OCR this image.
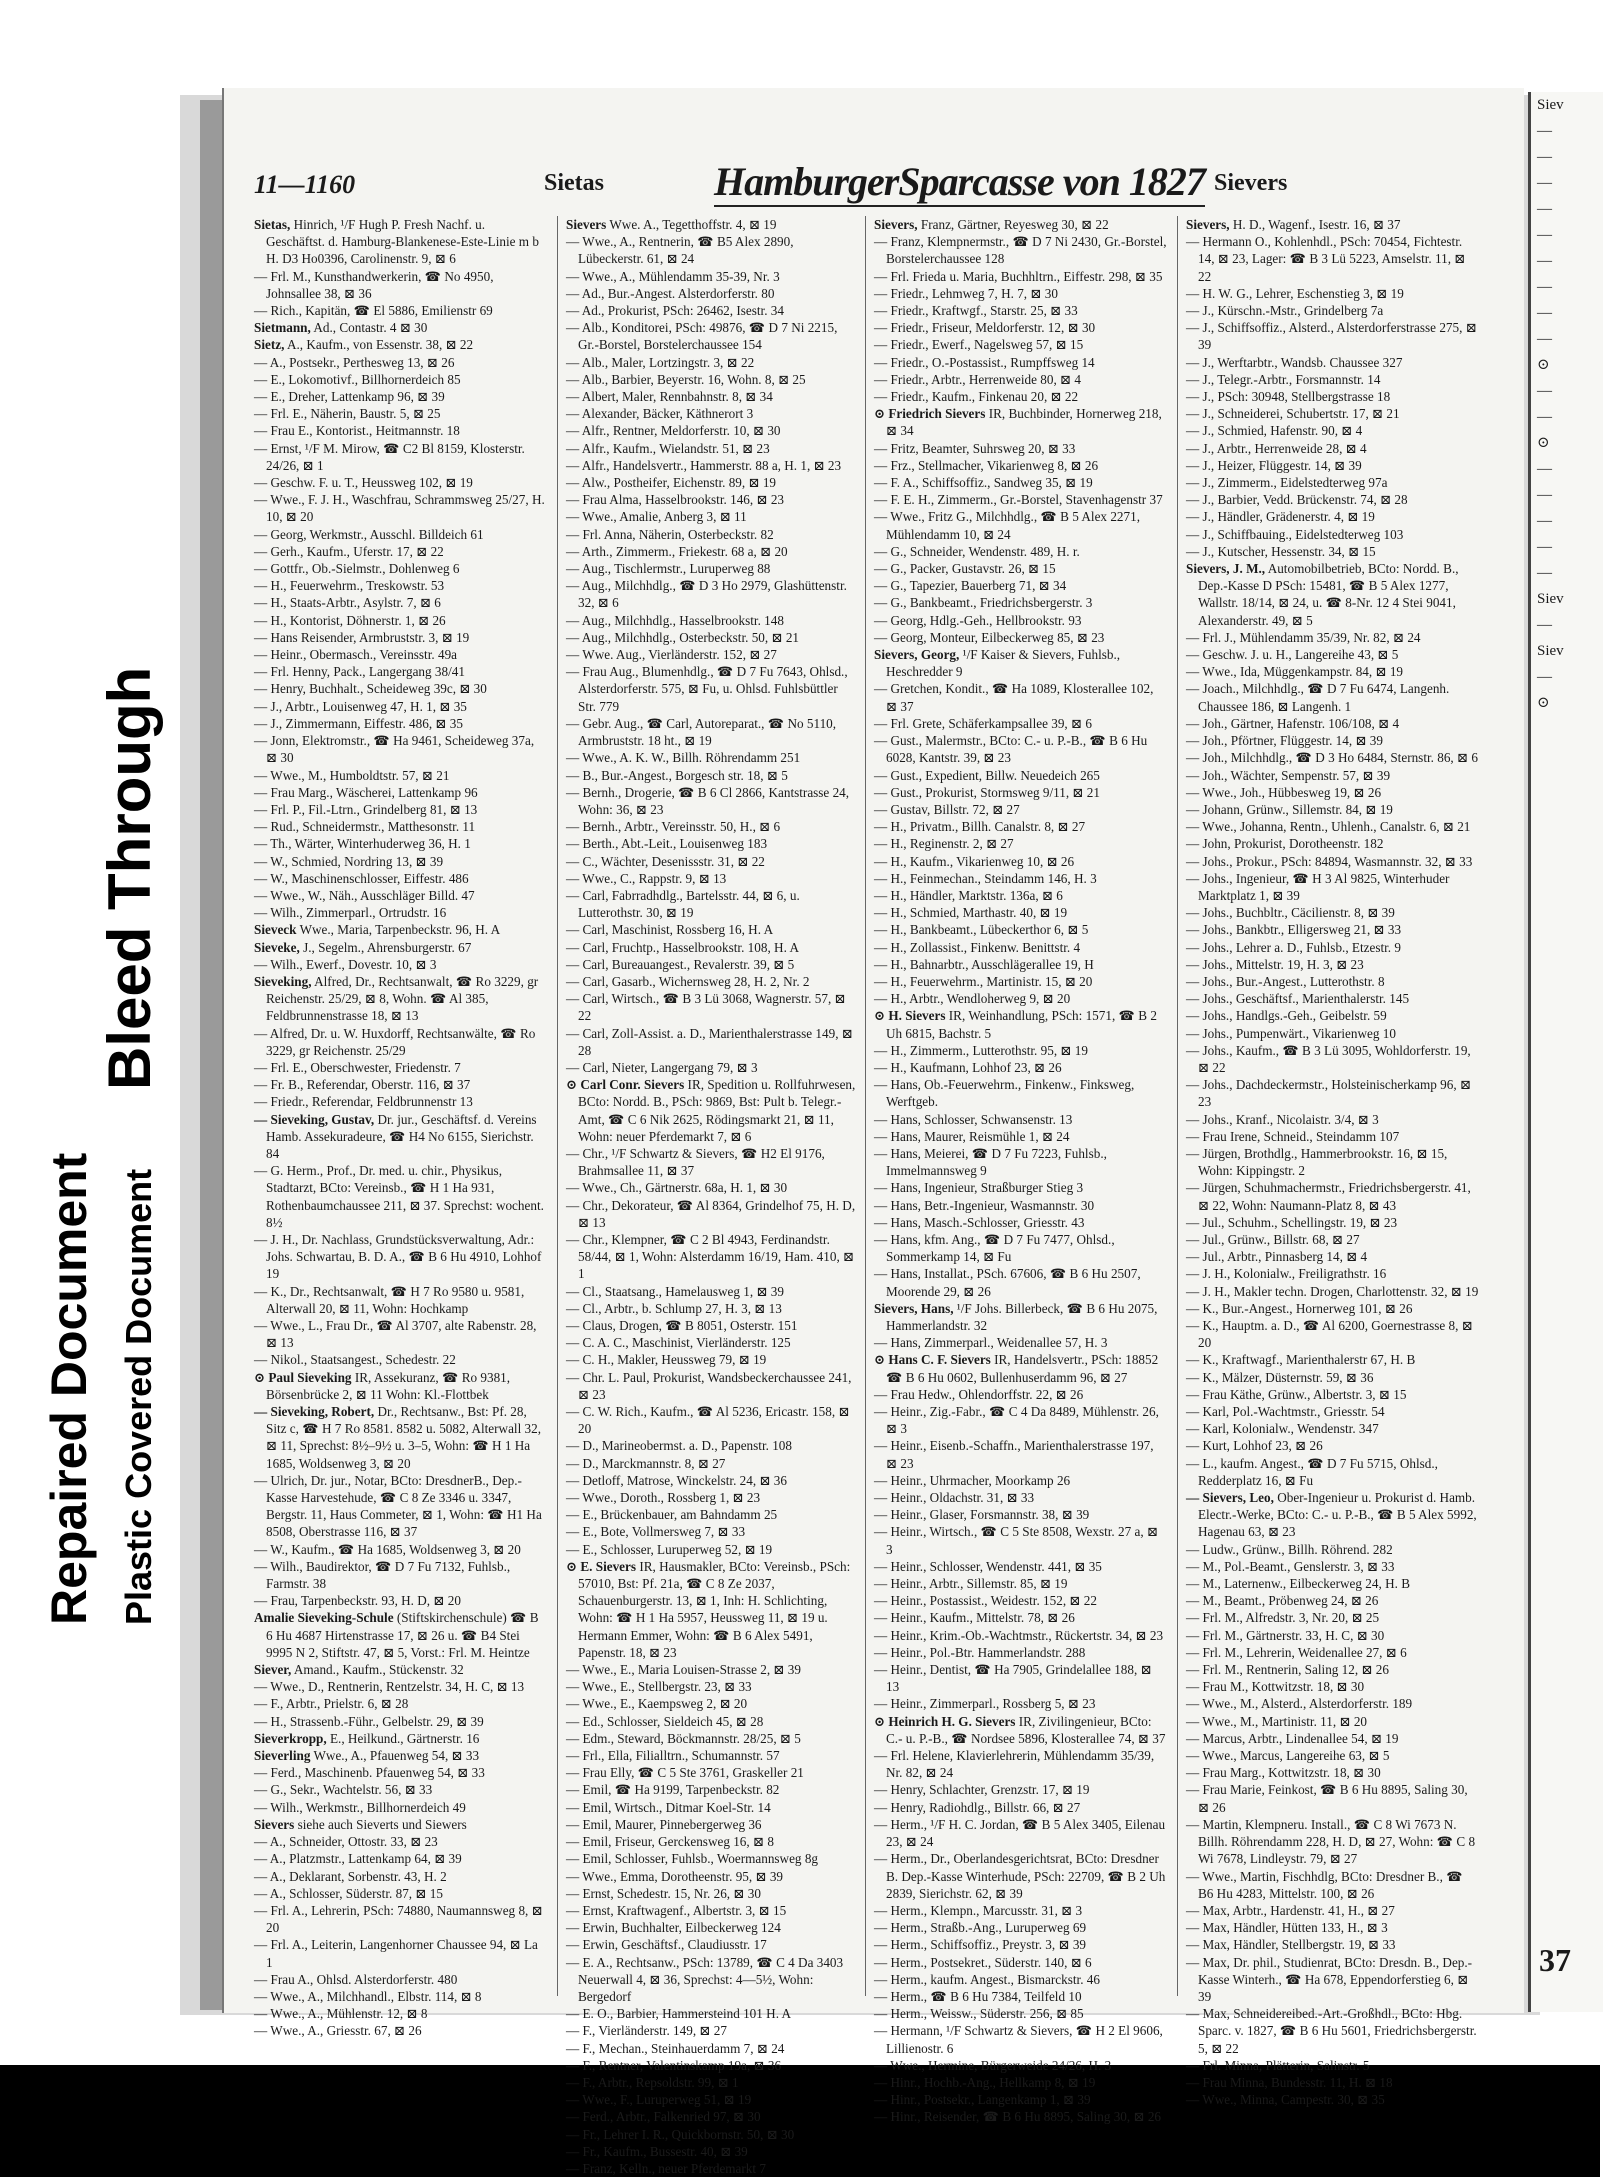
Repaired Document Plastic Covered Document
Bleed Through
11—1160	Sietas	HamburgerSparcasse von 1827 Sievers

Sietas, Hinrich, ¹/F Hugh P. Fresh Nachf. u. Geschäftst. d. Hamburg-Blankenese-Este-Linie m b H. D3 Ho0396, Carolinenstr. 9, ⊠ 6

— Frl. M., Kunsthandwerkerin, ☎ No 4950, Johnsallee 38, ⊠ 36

— Rich., Kapitän, ☎ El 5886, Emilienstr 69

Sietmann, Ad., Contastr. 4 ⊠ 30

Sietz, A., Kaufm., von Essenstr. 38, ⊠ 22

— A., Postsekr., Perthesweg 13, ⊠ 26

— E., Lokomotivf., Billhornerdeich 85

— E., Dreher, Lattenkamp 96, ⊠ 39

— Frl. E., Näherin, Baustr. 5, ⊠ 25

— Frau E., Kontorist., Heitmannstr. 18

— Ernst, ¹/F M. Mirow, ☎ C2 Bl 8159, Klosterstr. 24/26, ⊠ 1

— Geschw. F. u. T., Heussweg 102, ⊠ 19

— Wwe., F. J. H., Waschfrau, Schrammsweg 25/27, H. 10, ⊠ 20

— Georg, Werkmstr., Ausschl. Billdeich 61

— Gerh., Kaufm., Uferstr. 17, ⊠ 22

— Gottfr., Ob.-Sielmstr., Dohlenweg 6

— H., Feuerwehrm., Treskowstr. 53

— H., Staats-Arbtr., Asylstr. 7, ⊠ 6

— H., Kontorist, Döhnerstr. 1, ⊠ 26

— Hans Reisender, Armbruststr. 3, ⊠ 19

— Heinr., Obermasch., Vereinsstr. 49a

— Frl. Henny, Pack., Langergang 38/41

— Henry, Buchhalt., Scheideweg 39c, ⊠ 30

— J., Arbtr., Louisenweg 47, H. 1, ⊠ 35

— J., Zimmermann, Eiffestr. 486, ⊠ 35

— Jonn, Elektromstr., ☎ Ha 9461, Scheideweg 37a, ⊠ 30

— Wwe., M., Humboldtstr. 57, ⊠ 21

— Frau Marg., Wäscherei, Lattenkamp 96

— Frl. P., Fil.-Ltrn., Grindelberg 81, ⊠ 13

— Rud., Schneidermstr., Matthesonstr. 11

— Th., Wärter, Winterhuderweg 36, H. 1

— W., Schmied, Nordring 13, ⊠ 39

— W., Maschinenschlosser, Eiffestr. 486

— Wwe., W., Näh., Ausschläger Billd. 47

— Wilh., Zimmerparl., Ortrudstr. 16

Sieveck Wwe., Maria, Tarpenbeckstr. 96, H. A

Sieveke, J., Segelm., Ahrensburgerstr. 67

— Wilh., Ewerf., Dovestr. 10, ⊠ 3

Sieveking, Alfred, Dr., Rechtsanwalt, ☎ Ro 3229, gr Reichenstr. 25/29, ⊠ 8, Wohn. ☎ Al 385, Feldbrunnenstrasse 18, ⊠ 13

— Alfred, Dr. u. W. Huxdorff, Rechtsanwälte, ☎ Ro 3229, gr Reichenstr. 25/29

— Frl. E., Oberschwester, Friedenstr. 7

— Fr. B., Referendar, Oberstr. 116, ⊠ 37

— Friedr., Referendar, Feldbrunnenstr 13

— Sieveking, Gustav, Dr. jur., Geschäftsf. d. Vereins Hamb. Assekuradeure, ☎ H4 No 6155, Sierichstr. 84

— G. Herm., Prof., Dr. med. u. chir., Physikus, Stadtarzt, BCto: Vereinsb., ☎ H 1 Ha 931, Rothenbaumchaussee 211, ⊠ 37. Sprechst: wochent. 8½

— J. H., Dr. Nachlass, Grundstücksverwaltung, Adr.: Johs. Schwartau, B. D. A., ☎ B 6 Hu 4910, Lohhof 19

— K., Dr., Rechtsanwalt, ☎ H 7 Ro 9580 u. 9581, Alterwall 20, ⊠ 11, Wohn: Hochkamp

— Wwe., L., Frau Dr., ☎ Al 3707, alte Rabenstr. 28, ⊠ 13

— Nikol., Staatsangest., Schedestr. 22

⊙ Paul Sieveking IR, Assekuranz, ☎ Ro 9381, Börsenbrücke 2, ⊠ 11 Wohn: Kl.-Flottbek

— Sieveking, Robert, Dr., Rechtsanw., Bst: Pf. 28, Sitz c, ☎ H 7 Ro 8581. 8582 u. 5082, Alterwall 32, ⊠ 11, Sprechst: 8½–9½ u. 3–5, Wohn: ☎ H 1 Ha 1685, Woldsenweg 3, ⊠ 20

— Ulrich, Dr. jur., Notar, BCto: DresdnerB., Dep.-Kasse Harvestehude, ☎ C 8 Ze 3346 u. 3347, Bergstr. 11, Haus Commeter, ⊠ 1, Wohn: ☎ H1 Ha 8508, Oberstrasse 116, ⊠ 37

— W., Kaufm., ☎ Ha 1685, Woldsenweg 3, ⊠ 20

— Wilh., Baudirektor, ☎ D 7 Fu 7132, Fuhlsb., Farmstr. 38

— Frau, Tarpenbeckstr. 93, H. D, ⊠ 20

Amalie Sieveking-Schule (Stiftskirchenschule) ☎ B 6 Hu 4687 Hirtenstrasse 17, ⊠ 26 u. ☎ B4 Stei 9995 N 2, Stiftstr. 47, ⊠ 5, Vorst.: Frl. M. Heintze

Siever, Amand., Kaufm., Stückenstr. 32

— Wwe., D., Rentnerin, Rentzelstr. 34, H. C, ⊠ 13

— F., Arbtr., Prielstr. 6, ⊠ 28

— H., Strassenb.-Führ., Gelbelstr. 29, ⊠ 39

Sieverkropp, E., Heilkund., Gärtnerstr. 16

Sieverling Wwe., A., Pfauenweg 54, ⊠ 33

— Ferd., Maschinenb. Pfauenweg 54, ⊠ 33

— G., Sekr., Wachtelstr. 56, ⊠ 33

— Wilh., Werkmstr., Billhornerdeich 49

Sievers siehe auch Sieverts und Siewers

— A., Schneider, Ottostr. 33, ⊠ 23

— A., Platzmstr., Lattenkamp 64, ⊠ 39

— A., Deklarant, Sorbenstr. 43, H. 2

— A., Schlosser, Süderstr. 87, ⊠ 15

— Frl. A., Lehrerin, PSch: 74880, Naumannsweg 8, ⊠ 20

— Frl. A., Leiterin, Langenhorner Chaussee 94, ⊠ La 1

— Frau A., Ohlsd. Alsterdorferstr. 480

— Wwe., A., Milchhandl., Elbstr. 114, ⊠ 8

— Wwe., A., Mühlenstr. 12, ⊠ 8

— Wwe., A., Griesstr. 67, ⊠ 26

Sievers Wwe. A., Tegetthoffstr. 4, ⊠ 19

— Wwe., A., Rentnerin, ☎ B5 Alex 2890, Lübeckerstr. 61, ⊠ 24

— Wwe., A., Mühlendamm 35-39, Nr. 3

— Ad., Bur.-Angest. Alsterdorferstr. 80

— Ad., Prokurist, PSch: 26462, Isestr. 34

— Alb., Konditorei, PSch: 49876, ☎ D 7 Ni 2215, Gr.-Borstel, Borstelerchaussee 154

— Alb., Maler, Lortzingstr. 3, ⊠ 22

— Alb., Barbier, Beyerstr. 16, Wohn. 8, ⊠ 25

— Albert, Maler, Rennbahnstr. 8, ⊠ 34

— Alexander, Bäcker, Käthnerort 3

— Alfr., Rentner, Meldorferstr. 10, ⊠ 30

— Alfr., Kaufm., Wielandstr. 51, ⊠ 23

— Alfr., Handelsvertr., Hammerstr. 88 a, H. 1, ⊠ 23

— Alw., Postheifer, Eichenstr. 89, ⊠ 19

— Frau Alma, Hasselbrookstr. 146, ⊠ 23

— Wwe., Amalie, Anberg 3, ⊠ 11

— Frl. Anna, Näherin, Osterbeckstr. 82

— Arth., Zimmerm., Friekestr. 68 a, ⊠ 20

— Aug., Tischlermstr., Luruperweg 88

— Aug., Milchhdlg., ☎ D 3 Ho 2979, Glashüttenstr. 32, ⊠ 6

— Aug., Milchhdlg., Hasselbrookstr. 148

— Aug., Milchhdlg., Osterbeckstr. 50, ⊠ 21

— Wwe. Aug., Vierländerstr. 152, ⊠ 27

— Frau Aug., Blumenhdlg., ☎ D 7 Fu 7643, Ohlsd., Alsterdorferstr. 575, ⊠ Fu, u. Ohlsd. Fuhlsbüttler Str. 779

— Gebr. Aug., ☎ Carl, Autoreparat., ☎ No 5110, Armbruststr. 18 ht., ⊠ 19

— Wwe., A. K. W., Billh. Röhrendamm 251

— B., Bur.-Angest., Borgesch str. 18, ⊠ 5

— Bernh., Drogerie, ☎ B 6 Cl 2866, Kantstrasse 24, Wohn: 36, ⊠ 23

— Bernh., Arbtr., Vereinsstr. 50, H., ⊠ 6

— Berth., Abt.-Leit., Louisenweg 183

— C., Wächter, Desenissstr. 31, ⊠ 22

— Wwe., C., Rappstr. 9, ⊠ 13

— Carl, Fabrradhdlg., Bartelsstr. 44, ⊠ 6, u. Lutterothstr. 30, ⊠ 19

— Carl, Maschinist, Rossberg 16, H. A

— Carl, Fruchtp., Hasselbrookstr. 108, H. A

— Carl, Bureauangest., Revalerstr. 39, ⊠ 5

— Carl, Gasarb., Wichernsweg 28, H. 2, Nr. 2

— Carl, Wirtsch., ☎ B 3 Lü 3068, Wagnerstr. 57, ⊠ 22

— Carl, Zoll-Assist. a. D., Marienthalerstrasse 149, ⊠ 28

— Carl, Nieter, Langergang 79, ⊠ 3

⊙ Carl Conr. Sievers IR, Spedition u. Rollfuhrwesen, BCto: Nordd. B., PSch: 9869, Bst: Pult b. Telegr.-Amt, ☎ C 6 Nik 2625, Rödingsmarkt 21, ⊠ 11, Wohn: neuer Pferdemarkt 7, ⊠ 6

— Chr., ¹/F Schwartz & Sievers, ☎ H2 El 9176, Brahmsallee 11, ⊠ 37

— Wwe., Ch., Gärtnerstr. 68a, H. 1, ⊠ 30

— Chr., Dekorateur, ☎ Al 8364, Grindelhof 75, H. D, ⊠ 13

— Chr., Klempner, ☎ C 2 Bl 4943, Ferdinandstr. 58/44, ⊠ 1, Wohn: Alsterdamm 16/19, Ham. 410, ⊠ 1

— Cl., Staatsang., Hamelausweg 1, ⊠ 39

— Cl., Arbtr., b. Schlump 27, H. 3, ⊠ 13

— Claus, Drogen, ☎ B 8051, Osterstr. 151

— C. A. C., Maschinist, Vierländerstr. 125

— C. H., Makler, Heussweg 79, ⊠ 19

— Chr. L. Paul, Prokurist, Wandsbeckerchaussee 241, ⊠ 23

— C. W. Rich., Kaufm., ☎ Al 5236, Ericastr. 158, ⊠ 20

— D., Marineobermst. a. D., Papenstr. 108

— D., Marckmannstr. 8, ⊠ 27

— Detloff, Matrose, Winckelstr. 24, ⊠ 36

— Wwe., Doroth., Rossberg 1, ⊠ 23

— E., Brückenbauer, am Bahndamm 25

— E., Bote, Vollmersweg 7, ⊠ 33

— E., Schlosser, Luruperweg 52, ⊠ 19

⊙ E. Sievers IR, Hausmakler, BCto: Vereinsb., PSch: 57010, Bst: Pf. 21a, ☎ C 8 Ze 2037, Schauenburgerstr. 13, ⊠ 1, Inh: H. Schlichting, Wohn: ☎ H 1 Ha 5957, Heussweg 11, ⊠ 19 u. Hermann Emmer, Wohn: ☎ B 6 Alex 5491, Papenstr. 18, ⊠ 23

— Wwe., E., Maria Louisen-Strasse 2, ⊠ 39

— Wwe., E., Stellbergstr. 23, ⊠ 33

— Wwe., E., Kaempsweg 2, ⊠ 20

— Ed., Schlosser, Sieldeich 45, ⊠ 28

— Edm., Steward, Böckmannstr. 28/25, ⊠ 5

— Frl., Ella, Filialltrn., Schumannstr. 57

— Frau Elly, ☎ C 5 Ste 3761, Graskeller 21

— Emil, ☎ Ha 9199, Tarpenbeckstr. 82

— Emil, Wirtsch., Ditmar Koel-Str. 14

— Emil, Maurer, Pinnebergerweg 36

— Emil, Friseur, Gerckensweg 16, ⊠ 8

— Emil, Schlosser, Fuhlsb., Woermannsweg 8g

— Wwe., Emma, Dorotheenstr. 95, ⊠ 39

— Ernst, Schedestr. 15, Nr. 26, ⊠ 30

— Ernst, Kraftwagenf., Albertstr. 3, ⊠ 15

— Erwin, Buchhalter, Eilbeckerweg 124

— Erwin, Geschäftsf., Claudiusstr. 17

— E. A., Rechtsanw., PSch: 13789, ☎ C 4 Da 3403 Neuerwall 4, ⊠ 36, Sprechst: 4—5½, Wohn: Bergedorf

— E. O., Barbier, Hammersteind 101 H. A

— F., Vierländerstr. 149, ⊠ 27

— F., Mechan., Steinhauerdamm 7, ⊠ 24

— F., Rentner, Valentinskamp 19a, ⊠ 36

— F., Arbtr., Repsoldstr. 99, ⊠ 1

— Wwe., F., Luruperweg 51, ⊠ 19

— Ferd., Arbtr., Falkenried 97, ⊠ 30

— Fr., Lehrer I. R., Quickbornstr. 50, ⊠ 30

— Fr., Kaufm., Bussestr. 40, ⊠ 39

— Franz, Kelln., neuer Pferdemarkt 7

Sievers, Franz, Gärtner, Reyesweg 30, ⊠ 22

— Franz, Klempnermstr., ☎ D 7 Ni 2430, Gr.-Borstel, Borstelerchaussee 128

— Frl. Frieda u. Maria, Buchhltrn., Eiffestr. 298, ⊠ 35

— Friedr., Lehmweg 7, H. 7, ⊠ 30

— Friedr., Kraftwgf., Starstr. 25, ⊠ 33

— Friedr., Friseur, Meldorferstr. 12, ⊠ 30

— Friedr., Ewerf., Nagelsweg 57, ⊠ 15

— Friedr., O.-Postassist., Rumpffsweg 14

— Friedr., Arbtr., Herrenweide 80, ⊠ 4

— Friedr., Kaufm., Finkenau 20, ⊠ 22

⊙ Friedrich Sievers IR, Buchbinder, Hornerweg 218, ⊠ 34

— Fritz, Beamter, Suhrsweg 20, ⊠ 33

— Frz., Stellmacher, Vikarienweg 8, ⊠ 26

— F. A., Schiffsoffiz., Sandweg 35, ⊠ 19

— F. E. H., Zimmerm., Gr.-Borstel, Stavenhagenstr 37

— Wwe., Fritz G., Milchhdlg., ☎ B 5 Alex 2271, Mühlendamm 10, ⊠ 24

— G., Schneider, Wendenstr. 489, H. r.

— G., Packer, Gustavstr. 26, ⊠ 15

— G., Tapezier, Bauerberg 71, ⊠ 34

— G., Bankbeamt., Friedrichsbergerstr. 3

— Georg, Hdlg.-Geh., Hellbrookstr. 93

— Georg, Monteur, Eilbeckerweg 85, ⊠ 23

Sievers, Georg, ¹/F Kaiser & Sievers, Fuhlsb., Heschredder 9

— Gretchen, Kondit., ☎ Ha 1089, Klosterallee 102, ⊠ 37

— Frl. Grete, Schäferkampsallee 39, ⊠ 6

— Gust., Malermstr., BCto: C.- u. P.-B., ☎ B 6 Hu 6028, Kantstr. 39, ⊠ 23

— Gust., Expedient, Billw. Neuedeich 265

— Gust., Prokurist, Stormsweg 9/11, ⊠ 21

— Gustav, Billstr. 72, ⊠ 27

— H., Privatm., Billh. Canalstr. 8, ⊠ 27

— H., Reginenstr. 2, ⊠ 27

— H., Kaufm., Vikarienweg 10, ⊠ 26

— H., Feinmechan., Steindamm 146, H. 3

— H., Händler, Marktstr. 136a, ⊠ 6

— H., Schmied, Marthastr. 40, ⊠ 19

— H., Bankbeamt., Lübeckerthor 6, ⊠ 5

— H., Zollassist., Finkenw. Benittstr. 4

— H., Bahnarbtr., Ausschlägerallee 19, H

— H., Feuerwehrm., Martinistr. 15, ⊠ 20

— H., Arbtr., Wendloherweg 9, ⊠ 20

⊙ H. Sievers IR, Weinhandlung, PSch: 1571, ☎ B 2 Uh 6815, Bachstr. 5

— H., Zimmerm., Lutterothstr. 95, ⊠ 19

— H., Kaufmann, Lohhof 23, ⊠ 26

— Hans, Ob.-Feuerwehrm., Finkenw., Finksweg, Werftgeb.

— Hans, Schlosser, Schwansenstr. 13

— Hans, Maurer, Reismühle 1, ⊠ 24

— Hans, Meierei, ☎ D 7 Fu 7223, Fuhlsb., Immelmannsweg 9

— Hans, Ingenieur, Straßburger Stieg 3

— Hans, Betr.-Ingenieur, Wasmannstr. 30

— Hans, Masch.-Schlosser, Griesstr. 43

— Hans, kfm. Ang., ☎ D 7 Fu 7477, Ohlsd., Sommerkamp 14, ⊠ Fu

— Hans, Installat., PSch. 67606, ☎ B 6 Hu 2507, Moorende 29, ⊠ 26

Sievers, Hans, ¹/F Johs. Billerbeck, ☎ B 6 Hu 2075, Hammerlandstr. 32

— Hans, Zimmerparl., Weidenallee 57, H. 3

⊙ Hans C. F. Sievers IR, Handelsvertr., PSch: 18852 ☎ B 6 Hu 0602, Bullenhuserdamm 96, ⊠ 27

— Frau Hedw., Ohlendorffstr. 22, ⊠ 26

— Heinr., Zig.-Fabr., ☎ C 4 Da 8489, Mühlenstr. 26, ⊠ 3

— Heinr., Eisenb.-Schaffn., Marienthalerstrasse 197, ⊠ 23

— Heinr., Uhrmacher, Moorkamp 26

— Heinr., Oldachstr. 31, ⊠ 33

— Heinr., Glaser, Forsmannstr. 38, ⊠ 39

— Heinr., Wirtsch., ☎ C 5 Ste 8508, Wexstr. 27 a, ⊠ 3

— Heinr., Schlosser, Wendenstr. 441, ⊠ 35

— Heinr., Arbtr., Sillemstr. 85, ⊠ 19

— Heinr., Postassist., Weidestr. 152, ⊠ 22

— Heinr., Kaufm., Mittelstr. 78, ⊠ 26

— Heinr., Krim.-Ob.-Wachtmstr., Rückertstr. 34, ⊠ 23

— Heinr., Pol.-Btr. Hammerlandstr. 288

— Heinr., Dentist, ☎ Ha 7905, Grindelallee 188, ⊠ 13

— Heinr., Zimmerparl., Rossberg 5, ⊠ 23

⊙ Heinrich H. G. Sievers IR, Zivilingenieur, BCto: C.- u. P.-B., ☎ Nordsee 5896, Klosterallee 74, ⊠ 37

— Frl. Helene, Klavierlehrerin, Mühlendamm 35/39, Nr. 82, ⊠ 24

— Henry, Schlachter, Grenzstr. 17, ⊠ 19

— Henry, Radiohdlg., Billstr. 66, ⊠ 27

— Herm., ¹/F H. C. Jordan, ☎ B 5 Alex 3405, Eilenau 23, ⊠ 24

— Herm., Dr., Oberlandesgerichtsrat, BCto: Dresdner B. Dep.-Kasse Winterhude, PSch: 22709, ☎ B 2 Uh 2839, Sierichstr. 62, ⊠ 39

— Herm., Klempn., Marcusstr. 31, ⊠ 3

— Herm., Straßb.-Ang., Luruperweg 69

— Herm., Schiffsoffiz., Preystr. 3, ⊠ 39

— Herm., Postsekret., Süderstr. 140, ⊠ 6

— Herm., kaufm. Angest., Bismarckstr. 46

— Herm., ☎ B 6 Hu 7384, Teilfeld 10

— Herm., Weissw., Süderstr. 256, ⊠ 85

— Hermann, ¹/F Schwartz & Sievers, ☎ H 2 El 9606, Lillienostr. 6

— Wwe., Hermine, Bürgerweide 24/26, H. 3

— Hinr., Hochb.-Ang., Hellkamp 8, ⊠ 19

— Hinr., Postsekr., Langenkamp 1, ⊠ 39

— Hinr., Reisender, ☎ B 6 Hu 8895, Saling 30, ⊠ 26

Sievers, H. D., Wagenf., Isestr. 16, ⊠ 37

— Hermann O., Kohlenhdl., PSch: 70454, Fichtestr. 14, ⊠ 23, Lager: ☎ B 3 Lü 5223, Amselstr. 11, ⊠ 22

— H. W. G., Lehrer, Eschenstieg 3, ⊠ 19

— J., Kürschn.-Mstr., Grindelberg 7a

— J., Schiffsoffiz., Alsterd., Alsterdorferstrasse 275, ⊠ 39

— J., Werftarbtr., Wandsb. Chaussee 327

— J., Telegr.-Arbtr., Forsmannstr. 14

— J., PSch: 30948, Stellbergstrasse 18

— J., Schneiderei, Schubertstr. 17, ⊠ 21

— J., Schmied, Hafenstr. 90, ⊠ 4

— J., Arbtr., Herrenweide 28, ⊠ 4

— J., Heizer, Flüggestr. 14, ⊠ 39

— J., Zimmerm., Eidelstedterweg 97a

— J., Barbier, Vedd. Brückenstr. 74, ⊠ 28

— J., Händler, Grädenerstr. 4, ⊠ 19

— J., Schiffbauing., Eidelstedterweg 103

— J., Kutscher, Hessenstr. 34, ⊠ 15

Sievers, J. M., Automobilbetrieb, BCto: Nordd. B., Dep.-Kasse D PSch: 15481, ☎ B 5 Alex 1277, Wallstr. 18/14, ⊠ 24, u. ☎ 8-Nr. 12 4 Stei 9041, Alexanderstr. 49, ⊠ 5

— Frl. J., Mühlendamm 35/39, Nr. 82, ⊠ 24

— Geschw. J. u. H., Langereihe 43, ⊠ 5

— Wwe., Ida, Müggenkampstr. 84, ⊠ 19

— Joach., Milchhdlg., ☎ D 7 Fu 6474, Langenh. Chaussee 186, ⊠ Langenh. 1

— Joh., Gärtner, Hafenstr. 106/108, ⊠ 4

— Joh., Pförtner, Flüggestr. 14, ⊠ 39

— Joh., Milchhdlg., ☎ D 3 Ho 6484, Sternstr. 86, ⊠ 6

— Joh., Wächter, Sempenstr. 57, ⊠ 39

— Wwe., Joh., Hübbesweg 19, ⊠ 26

— Johann, Grünw., Sillemstr. 84, ⊠ 19

— Wwe., Johanna, Rentn., Uhlenh., Canalstr. 6, ⊠ 21

— John, Prokurist, Dorotheenstr. 182

— Johs., Prokur., PSch: 84894, Wasmannstr. 32, ⊠ 33

— Johs., Ingenieur, ☎ H 3 Al 9825, Winterhuder Marktplatz 1, ⊠ 39

— Johs., Buchbltr., Cäcilienstr. 8, ⊠ 39

— Johs., Bankbtr., Elligersweg 21, ⊠ 33

— Johs., Lehrer a. D., Fuhlsb., Etzestr. 9

— Johs., Mittelstr. 19, H. 3, ⊠ 23

— Johs., Bur.-Angest., Lutterothstr. 8

— Johs., Geschäftsf., Marienthalerstr. 145

— Johs., Handlgs.-Geh., Geibelstr. 59

— Johs., Pumpenwärt., Vikarienweg 10

— Johs., Kaufm., ☎ B 3 Lü 3095, Wohldorferstr. 19, ⊠ 22

— Johs., Dachdeckermstr., Holsteinischerkamp 96, ⊠ 23

— Johs., Kranf., Nicolaistr. 3/4, ⊠ 3

— Frau Irene, Schneid., Steindamm 107

— Jürgen, Brothdlg., Hammerbrookstr. 16, ⊠ 15, Wohn: Kippingstr. 2

— Jürgen, Schuhmachermstr., Friedrichsbergerstr. 41, ⊠ 22, Wohn: Naumann-Platz 8, ⊠ 43

— Jul., Schuhm., Schellingstr. 19, ⊠ 23

— Jul., Grünw., Billstr. 68, ⊠ 27

— Jul., Arbtr., Pinnasberg 14, ⊠ 4

— J. H., Kolonialw., Freiligrathstr. 16

— J. H., Makler techn. Drogen, Charlottenstr. 32, ⊠ 19

— K., Bur.-Angest., Hornerweg 101, ⊠ 26

— K., Hauptm. a. D., ☎ Al 6200, Goernestrasse 8, ⊠ 20

— K., Kraftwagf., Marienthalerstr 67, H. B

— K., Mälzer, Düsternstr. 59, ⊠ 36

— Frau Käthe, Grünw., Albertstr. 3, ⊠ 15

— Karl, Pol.-Wachtmstr., Griesstr. 54

— Karl, Kolonialw., Wendenstr. 347

— Kurt, Lohhof 23, ⊠ 26

— L., kaufm. Angest., ☎ D 7 Fu 5715, Ohlsd., Redderplatz 16, ⊠ Fu

— Sievers, Leo, Ober-Ingenieur u. Prokurist d. Hamb. Electr.-Werke, BCto: C.- u. P.-B., ☎ B 5 Alex 5992, Hagenau 63, ⊠ 23

— Ludw., Grünw., Billh. Röhrend. 282

— M., Pol.-Beamt., Genslerstr. 3, ⊠ 33

— M., Laternenw., Eilbeckerweg 24, H. B

— M., Beamt., Pröbenweg 24, ⊠ 26

— Frl. M., Alfredstr. 3, Nr. 20, ⊠ 25

— Frl. M., Gärtnerstr. 33, H. C, ⊠ 30

— Frl. M., Lehrerin, Weidenallee 27, ⊠ 6

— Frl. M., Rentnerin, Saling 12, ⊠ 26

— Frau M., Kottwitzstr. 18, ⊠ 30

— Wwe., M., Alsterd., Alsterdorferstr. 189

— Wwe., M., Martinistr. 11, ⊠ 20

— Marcus, Arbtr., Lindenallee 54, ⊠ 19

— Wwe., Marcus, Langereihe 63, ⊠ 5

— Frau Marg., Kottwitzstr. 18, ⊠ 30

— Frau Marie, Feinkost, ☎ B 6 Hu 8895, Saling 30, ⊠ 26

— Martin, Klempneru. Install., ☎ C 8 Wi 7673 N. Billh. Röhrendamm 228, H. D, ⊠ 27, Wohn: ☎ C 8 Wi 7678, Lindleystr. 79, ⊠ 27

— Wwe., Martin, Fischhdlg, BCto: Dresdner B., ☎ B6 Hu 4283, Mittelstr. 100, ⊠ 26

— Max, Arbtr., Hardenstr. 41, H., ⊠ 27

— Max, Händler, Hütten 133, H., ⊠ 3

— Max, Händler, Stellbergstr. 19, ⊠ 33

— Max, Dr. phil., Studienrat, BCto: Dresdn. B., Dep.-Kasse Winterh., ☎ Ha 678, Eppendorferstieg 6, ⊠ 39

— Max, Schneidereibed.-Art.-Großhdl., BCto: Hbg. Sparc. v. 1827, ☎ B 6 Hu 5601, Friedrichsbergerstr. 5, ⊠ 22

— Frl. Minna, Plätterin, Salinstr. 5

— Frau Minna, Bundesstr. 11, H. ⊠ 18

— Wwe., Minna, Campestr. 30, ⊠ 35

Siev
—
—
—
—
—
—
—
—
—
⊙
—
—
⊙
—
—
—
—
—
Siev
—
Siev
—
⊙
37
